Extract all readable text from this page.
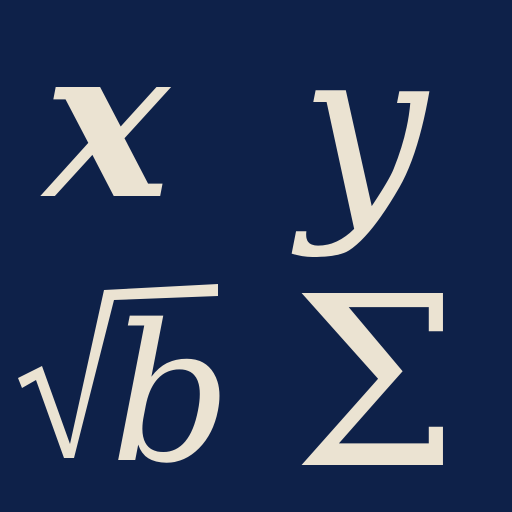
x y
b Σ
